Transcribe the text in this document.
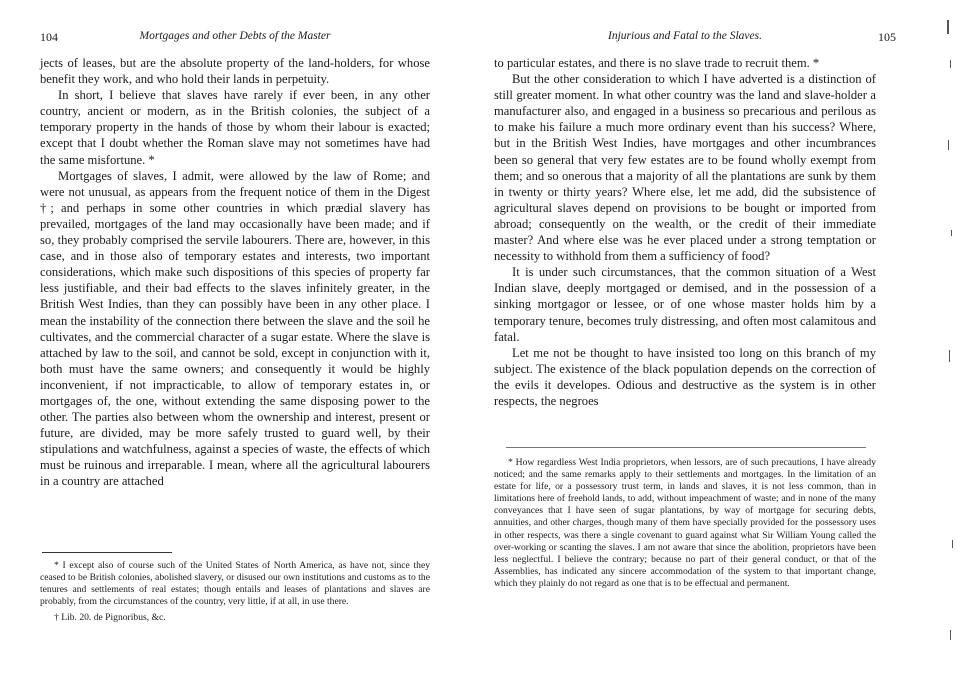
104	Mortgages and other Debts of the Master

jects of leases, but are the absolute property of the land-holders, for whose benefit they work, and who hold their lands in perpetuity.

In short, I believe that slaves have rarely if ever been, in any other country, ancient or modern, as in the British colonies, the subject of a temporary property in the hands of those by whom their labour is exacted; except that I doubt whether the Roman slave may not sometimes have had the same misfortune. *

Mortgages of slaves, I admit, were allowed by the law of Rome; and were not unusual, as appears from the frequent notice of them in the Digest †; and perhaps in some other countries in which prædial slavery has prevailed, mortgages of the land may occasionally have been made; and if so, they probably comprised the servile labourers. There are, however, in this case, and in those also of temporary estates and interests, two important considerations, which make such dispositions of this species of property far less justifiable, and their bad effects to the slaves infinitely greater, in the British West Indies, than they can possibly have been in any other place. I mean the instability of the connection there between the slave and the soil he cultivates, and the commercial character of a sugar estate. Where the slave is attached by law to the soil, and cannot be sold, except in conjunction with it, both must have the same owners; and consequently it would be highly inconvenient, if not impracticable, to allow of temporary estates in, or mortgages of, the one, without extending the same disposing power to the other. The parties also between whom the ownership and interest, present or future, are divided, may be more safely trusted to guard well, by their stipulations and watchfulness, against a species of waste, the effects of which must be ruinous and irreparable. I mean, where all the agricultural labourers in a country are attached

* I except also of course such of the United States of North America, as have not, since they ceased to be British colonies, abolished slavery, or disused our own institutions and customs as to the tenures and settlements of real estates; though entails and leases of plantations and slaves are probably, from the circumstances of the country, very little, if at all, in use there.

† Lib. 20. de Pignoribus, &c.

Injurious and Fatal to the Slaves.	105

to particular estates, and there is no slave trade to recruit them. *

But the other consideration to which I have adverted is a distinction of still greater moment. In what other country was the land and slave-holder a manufacturer also, and engaged in a business so precarious and perilous as to make his failure a much more ordinary event than his success? Where, but in the British West Indies, have mortgages and other incumbrances been so general that very few estates are to be found wholly exempt from them; and so onerous that a majority of all the plantations are sunk by them in twenty or thirty years? Where else, let me add, did the subsistence of agricultural slaves depend on provisions to be bought or imported from abroad; consequently on the wealth, or the credit of their immediate master? And where else was he ever placed under a strong temptation or necessity to withhold from them a sufficiency of food?

It is under such circumstances, that the common situation of a West Indian slave, deeply mortgaged or demised, and in the possession of a sinking mortgagor or lessee, or of one whose master holds him by a temporary tenure, becomes truly distressing, and often most calamitous and fatal.

Let me not be thought to have insisted too long on this branch of my subject. The existence of the black population depends on the correction of the evils it developes. Odious and destructive as the system is in other respects, the negroes

* How regardless West India proprietors, when lessors, are of such precautions, I have already noticed; and the same remarks apply to their settlements and mortgages. In the limitation of an estate for life, or a possessory trust term, in lands and slaves, it is not less common, than in limitations here of freehold lands, to add, without impeachment of waste; and in none of the many conveyances that I have seen of sugar plantations, by way of mortgage for securing debts, annuities, and other charges, though many of them have specially provided for the possessory uses in other respects, was there a single covenant to guard against what Sir William Young called the over-working or scanting the slaves. I am not aware that since the abolition, proprietors have been less neglectful. I believe the contrary; because no part of their general conduct, or that of the Assemblies, has indicated any sincere accommodation of the system to that important change, which they plainly do not regard as one that is to be effectual and permanent.
